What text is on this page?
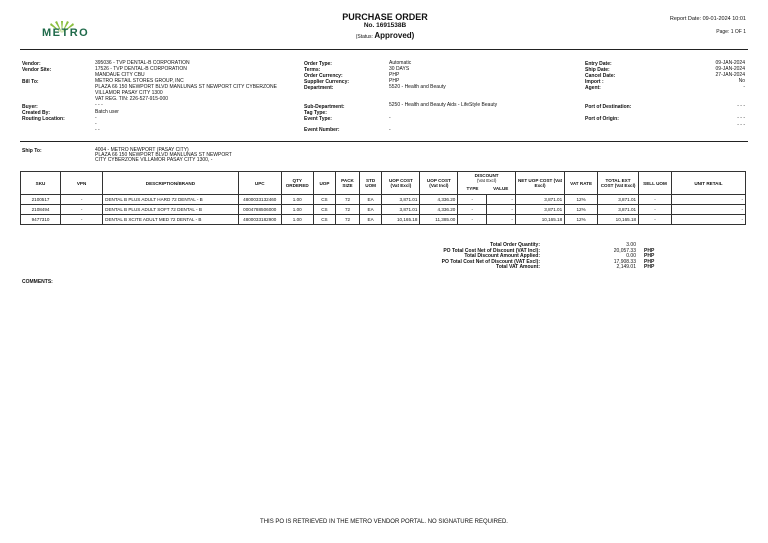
METRO
PURCHASE ORDER
No. 1691538B
(Status: Approved)
Report Date: 09-01-2024 10:01
Page: 1 OF 1
Vendor:	395036 - TVP DENTAL-B CORPORATION
Vendor Site:	17526 - TVP DENTAL-B CORPORATION
MANDAUE CITY CBU
Bill To:	METRO RETAIL STORES GROUP, INC
PLAZA 66 150 NEWPORT BLVD MANLUNAS ST NEWPORT CITY CYBERZONE
VILLAMOR PASAY CITY 1300
VAT REG. TIN: 226-527-915-000
Buyer:	- - -
Created By:	Batch user
Routing Location:	-
-
- -
Order Type:	Automatic
Terms:	30 DAYS
Order Currency:	PHP
Supplier Currency:	PHP
Department:	5520 - Health and Beauty
Sub-Department:	5250 - Health and Beauty Aids - LifeStyle Beauty
Tag Type:
Event Type:	-
Event Number:	-
Entry Date:	09-JAN-2024
Ship Date:	09-JAN-2024
Cancel Date:	27-JAN-2024
Import :	No
Agent:	-
Port of Destination:	- - -
Port of Origin:	- - -
- - -
Ship To:	4004 - METRO NEWPORT (PASAY CITY)
PLAZA 66 150 NEWPORT BLVD MANLUNAS ST NEWPORT
CITY CYBERZONE VILLAMOR PASAY CITY 1300, -
SKU	VPN	DESCRIPTION/BRAND	UPC	QTY ORDERED	UOP	PACK SIZE	STD UOM	UOP COST (Vat Excl)	UOP COST (Vat Incl)	DISCOUNT
(Vat Excl)		NET UOP COST (Vat Excl)	VAT RATE	TOTAL EXT COST (Vat Excl)	SELL UOM	UNIT RETAIL
										TYPE	VALUE					
2100517	-	DENTAL B PLUS ADULT HARD 72 DENTAL - B	4800033132460	1.00	CS	72	EA	3,871.01	4,336.20	-	-	3,871.01	12%	3,871.01	-	-
2108494	-	DENTAL B PLUS ADULT SOFT 72 DENTAL - B	0004788506000	1.00	CS	72	EA	3,871.01	4,336.20	-	-	3,871.01	12%	3,871.01	-	-
9477310	-	DENTAL B XCITE ADULT MED 72 DENTAL - B	4800033182900	1.00	CS	72	EA	10,165.18	11,385.00	-	-	10,165.18	12%	10,165.18	-	-
Total Order Quantity:	3.00
PO Total Cost Net of Discount (VAT Incl):	20,057.33 PHP
Total Discount Amount Applied:	0.00 PHP
PO Total Cost Net of Discount (VAT Excl):	17,908.33 PHP
Total VAT Amount:	2,149.01 PHP
COMMENTS:
THIS PO IS RETRIEVED IN THE METRO VENDOR PORTAL. NO SIGNATURE REQUIRED.
